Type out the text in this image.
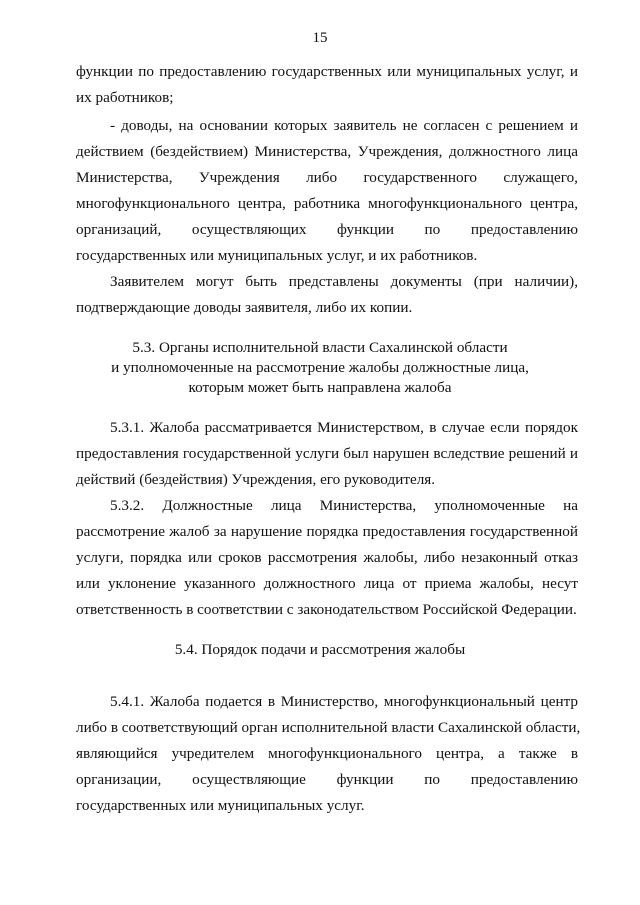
15
функции по предоставлению государственных или муниципальных услуг, и
их работников;
- доводы, на основании которых заявитель не согласен с решением и
действием (бездействием) Министерства, Учреждения, должностного лица
Министерства, Учреждения либо государственного служащего,
многофункционального центра, работника многофункционального центра,
организаций, осуществляющих функции по предоставлению
государственных или муниципальных услуг, и их работников.
Заявителем могут быть представлены документы (при наличии),
подтверждающие доводы заявителя, либо их копии.
5.3. Органы исполнительной власти Сахалинской области
и уполномоченные на рассмотрение жалобы должностные лица,
которым может быть направлена жалоба
5.3.1. Жалоба рассматривается Министерством, в случае если порядок
предоставления государственной услуги был нарушен вследствие решений и
действий (бездействия) Учреждения, его руководителя.
5.3.2. Должностные лица Министерства, уполномоченные на
рассмотрение жалоб за нарушение порядка предоставления государственной
услуги, порядка или сроков рассмотрения жалобы, либо незаконный отказ
или уклонение указанного должностного лица от приема жалобы, несут
ответственность в соответствии с законодательством Российской Федерации.
5.4. Порядок подачи и рассмотрения жалобы
5.4.1. Жалоба подается в Министерство, многофункциональный центр
либо в соответствующий орган исполнительной власти Сахалинской области,
являющийся учредителем многофункционального центра, а также в
организации, осуществляющие функции по предоставлению
государственных или муниципальных услуг.
